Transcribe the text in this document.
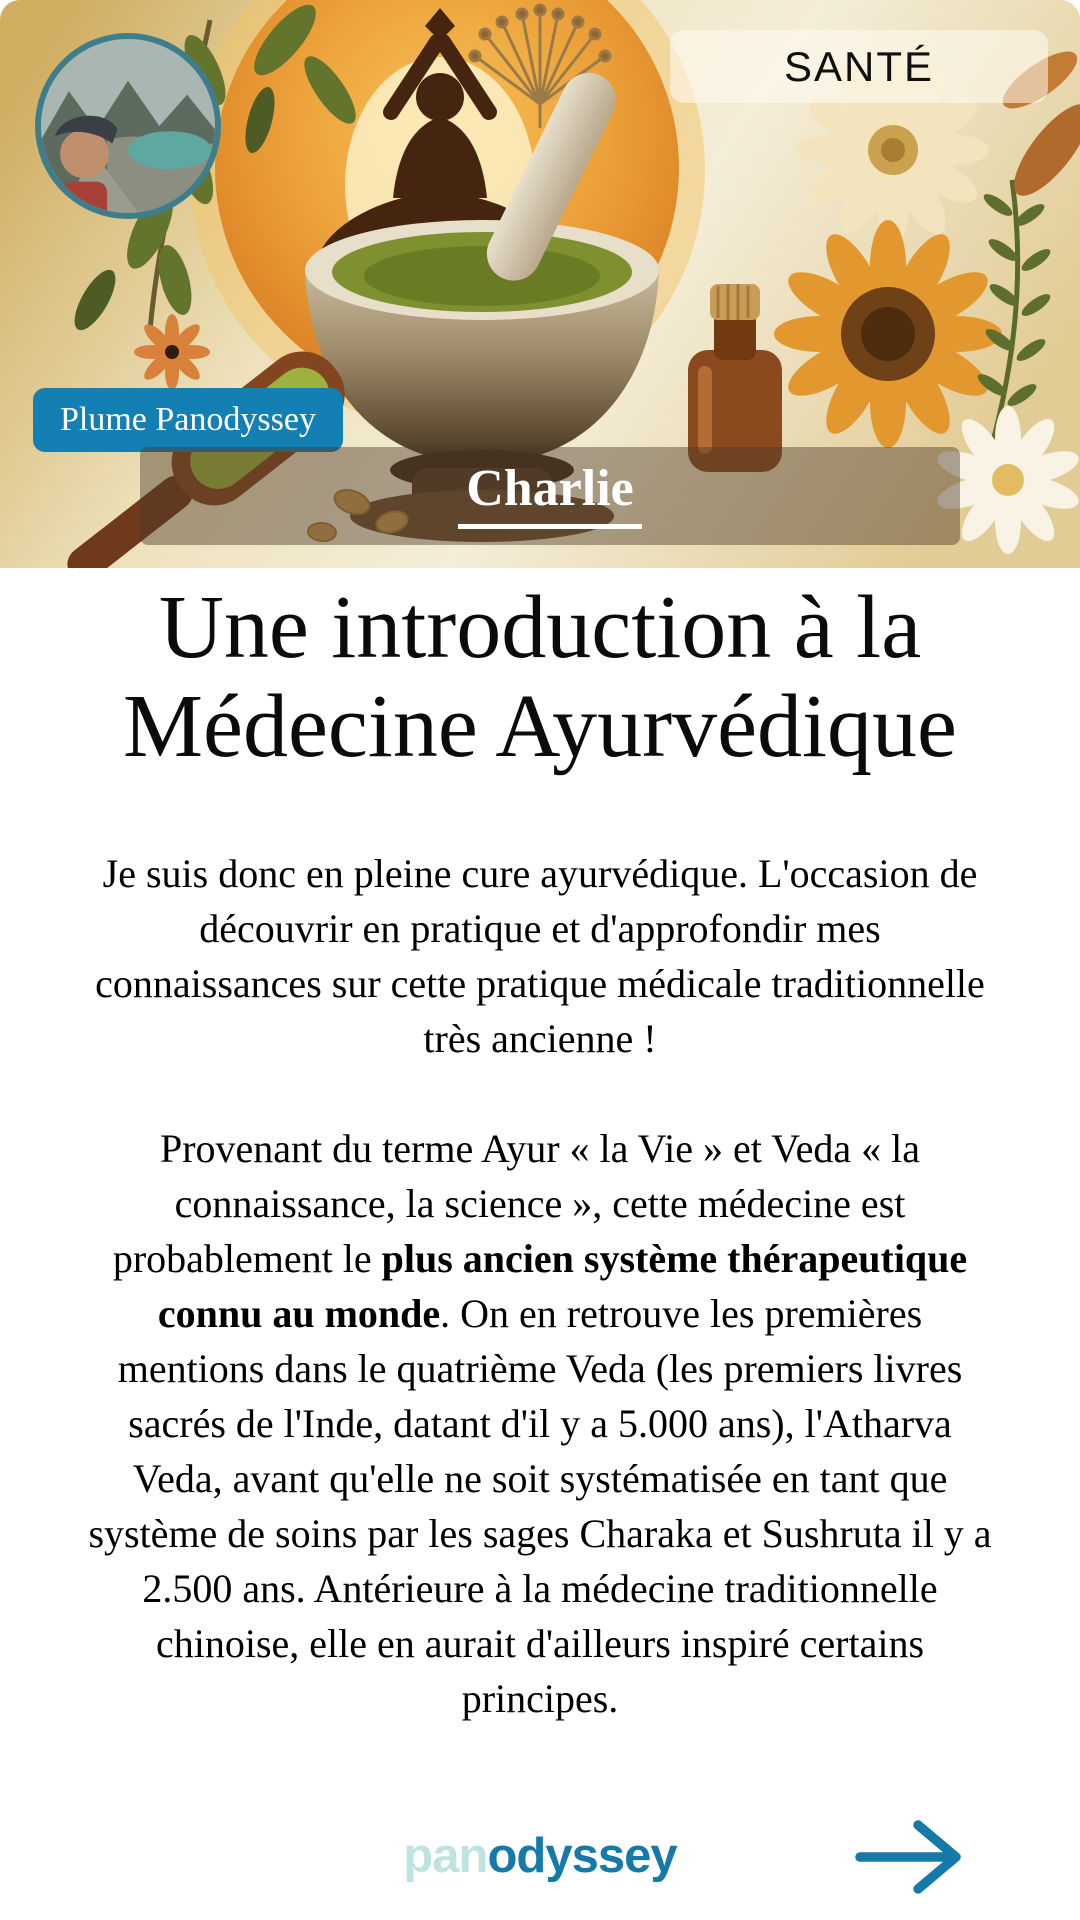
SANTÉ
Plume Panodyssey
Charlie
Une introduction à la
Médecine Ayurvédique

Je suis donc en pleine cure ayurvédique. L'occasion de découvrir en pratique et d'approfondir mes connaissances sur cette pratique médicale traditionnelle très ancienne !

Provenant du terme Ayur « la Vie » et Veda « la connaissance, la science », cette médecine est probablement le plus ancien système thérapeutique connu au monde. On en retrouve les premières mentions dans le quatrième Veda (les premiers livres sacrés de l'Inde, datant d'il y a 5.000 ans), l'Atharva Veda, avant qu'elle ne soit systématisée en tant que système de soins par les sages Charaka et Sushruta il y a 2.500 ans. Antérieure à la médecine traditionnelle chinoise, elle en aurait d'ailleurs inspiré certains principes.

panodyssey
